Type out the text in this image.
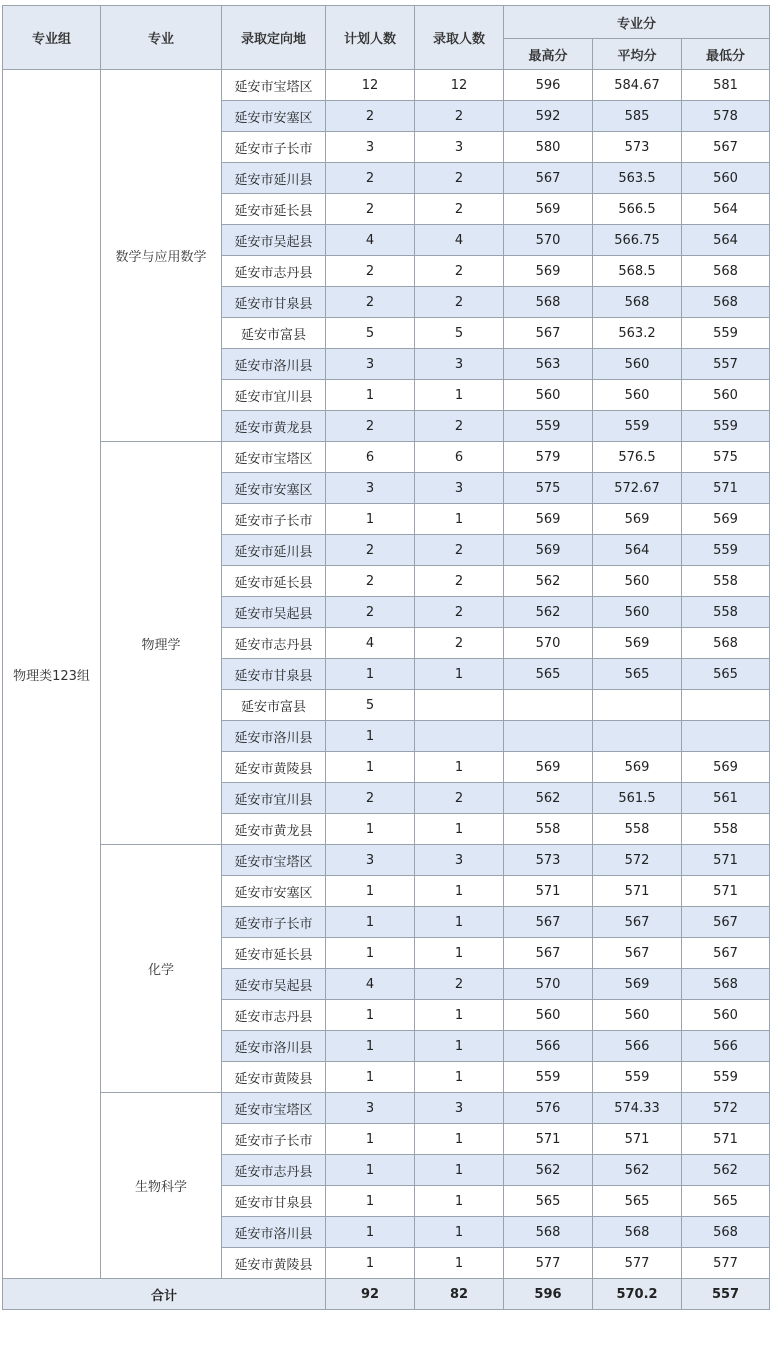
专业组	专业	录取定向地	计划人数	录取人数	专业分		
					最高分	平均分	最低分
物理类123组	数学与应用数学	延安市宝塔区	12	12	596	584.67	581
		延安市安塞区	2	2	592	585	578
		延安市子长市	3	3	580	573	567
		延安市延川县	2	2	567	563.5	560
		延安市延长县	2	2	569	566.5	564
		延安市吴起县	4	4	570	566.75	564
		延安市志丹县	2	2	569	568.5	568
		延安市甘泉县	2	2	568	568	568
		延安市富县	5	5	567	563.2	559
		延安市洛川县	3	3	563	560	557
		延安市宜川县	1	1	560	560	560
		延安市黄龙县	2	2	559	559	559
	物理学	延安市宝塔区	6	6	579	576.5	575
		延安市安塞区	3	3	575	572.67	571
		延安市子长市	1	1	569	569	569
		延安市延川县	2	2	569	564	559
		延安市延长县	2	2	562	560	558
		延安市吴起县	2	2	562	560	558
		延安市志丹县	4	2	570	569	568
		延安市甘泉县	1	1	565	565	565
		延安市富县	5				
		延安市洛川县	1				
		延安市黄陵县	1	1	569	569	569
		延安市宜川县	2	2	562	561.5	561
		延安市黄龙县	1	1	558	558	558
	化学	延安市宝塔区	3	3	573	572	571
		延安市安塞区	1	1	571	571	571
		延安市子长市	1	1	567	567	567
		延安市延长县	1	1	567	567	567
		延安市吴起县	4	2	570	569	568
		延安市志丹县	1	1	560	560	560
		延安市洛川县	1	1	566	566	566
		延安市黄陵县	1	1	559	559	559
	生物科学	延安市宝塔区	3	3	576	574.33	572
		延安市子长市	1	1	571	571	571
		延安市志丹县	1	1	562	562	562
		延安市甘泉县	1	1	565	565	565
		延安市洛川县	1	1	568	568	568
		延安市黄陵县	1	1	577	577	577
合计			92	82	596	570.2	557
